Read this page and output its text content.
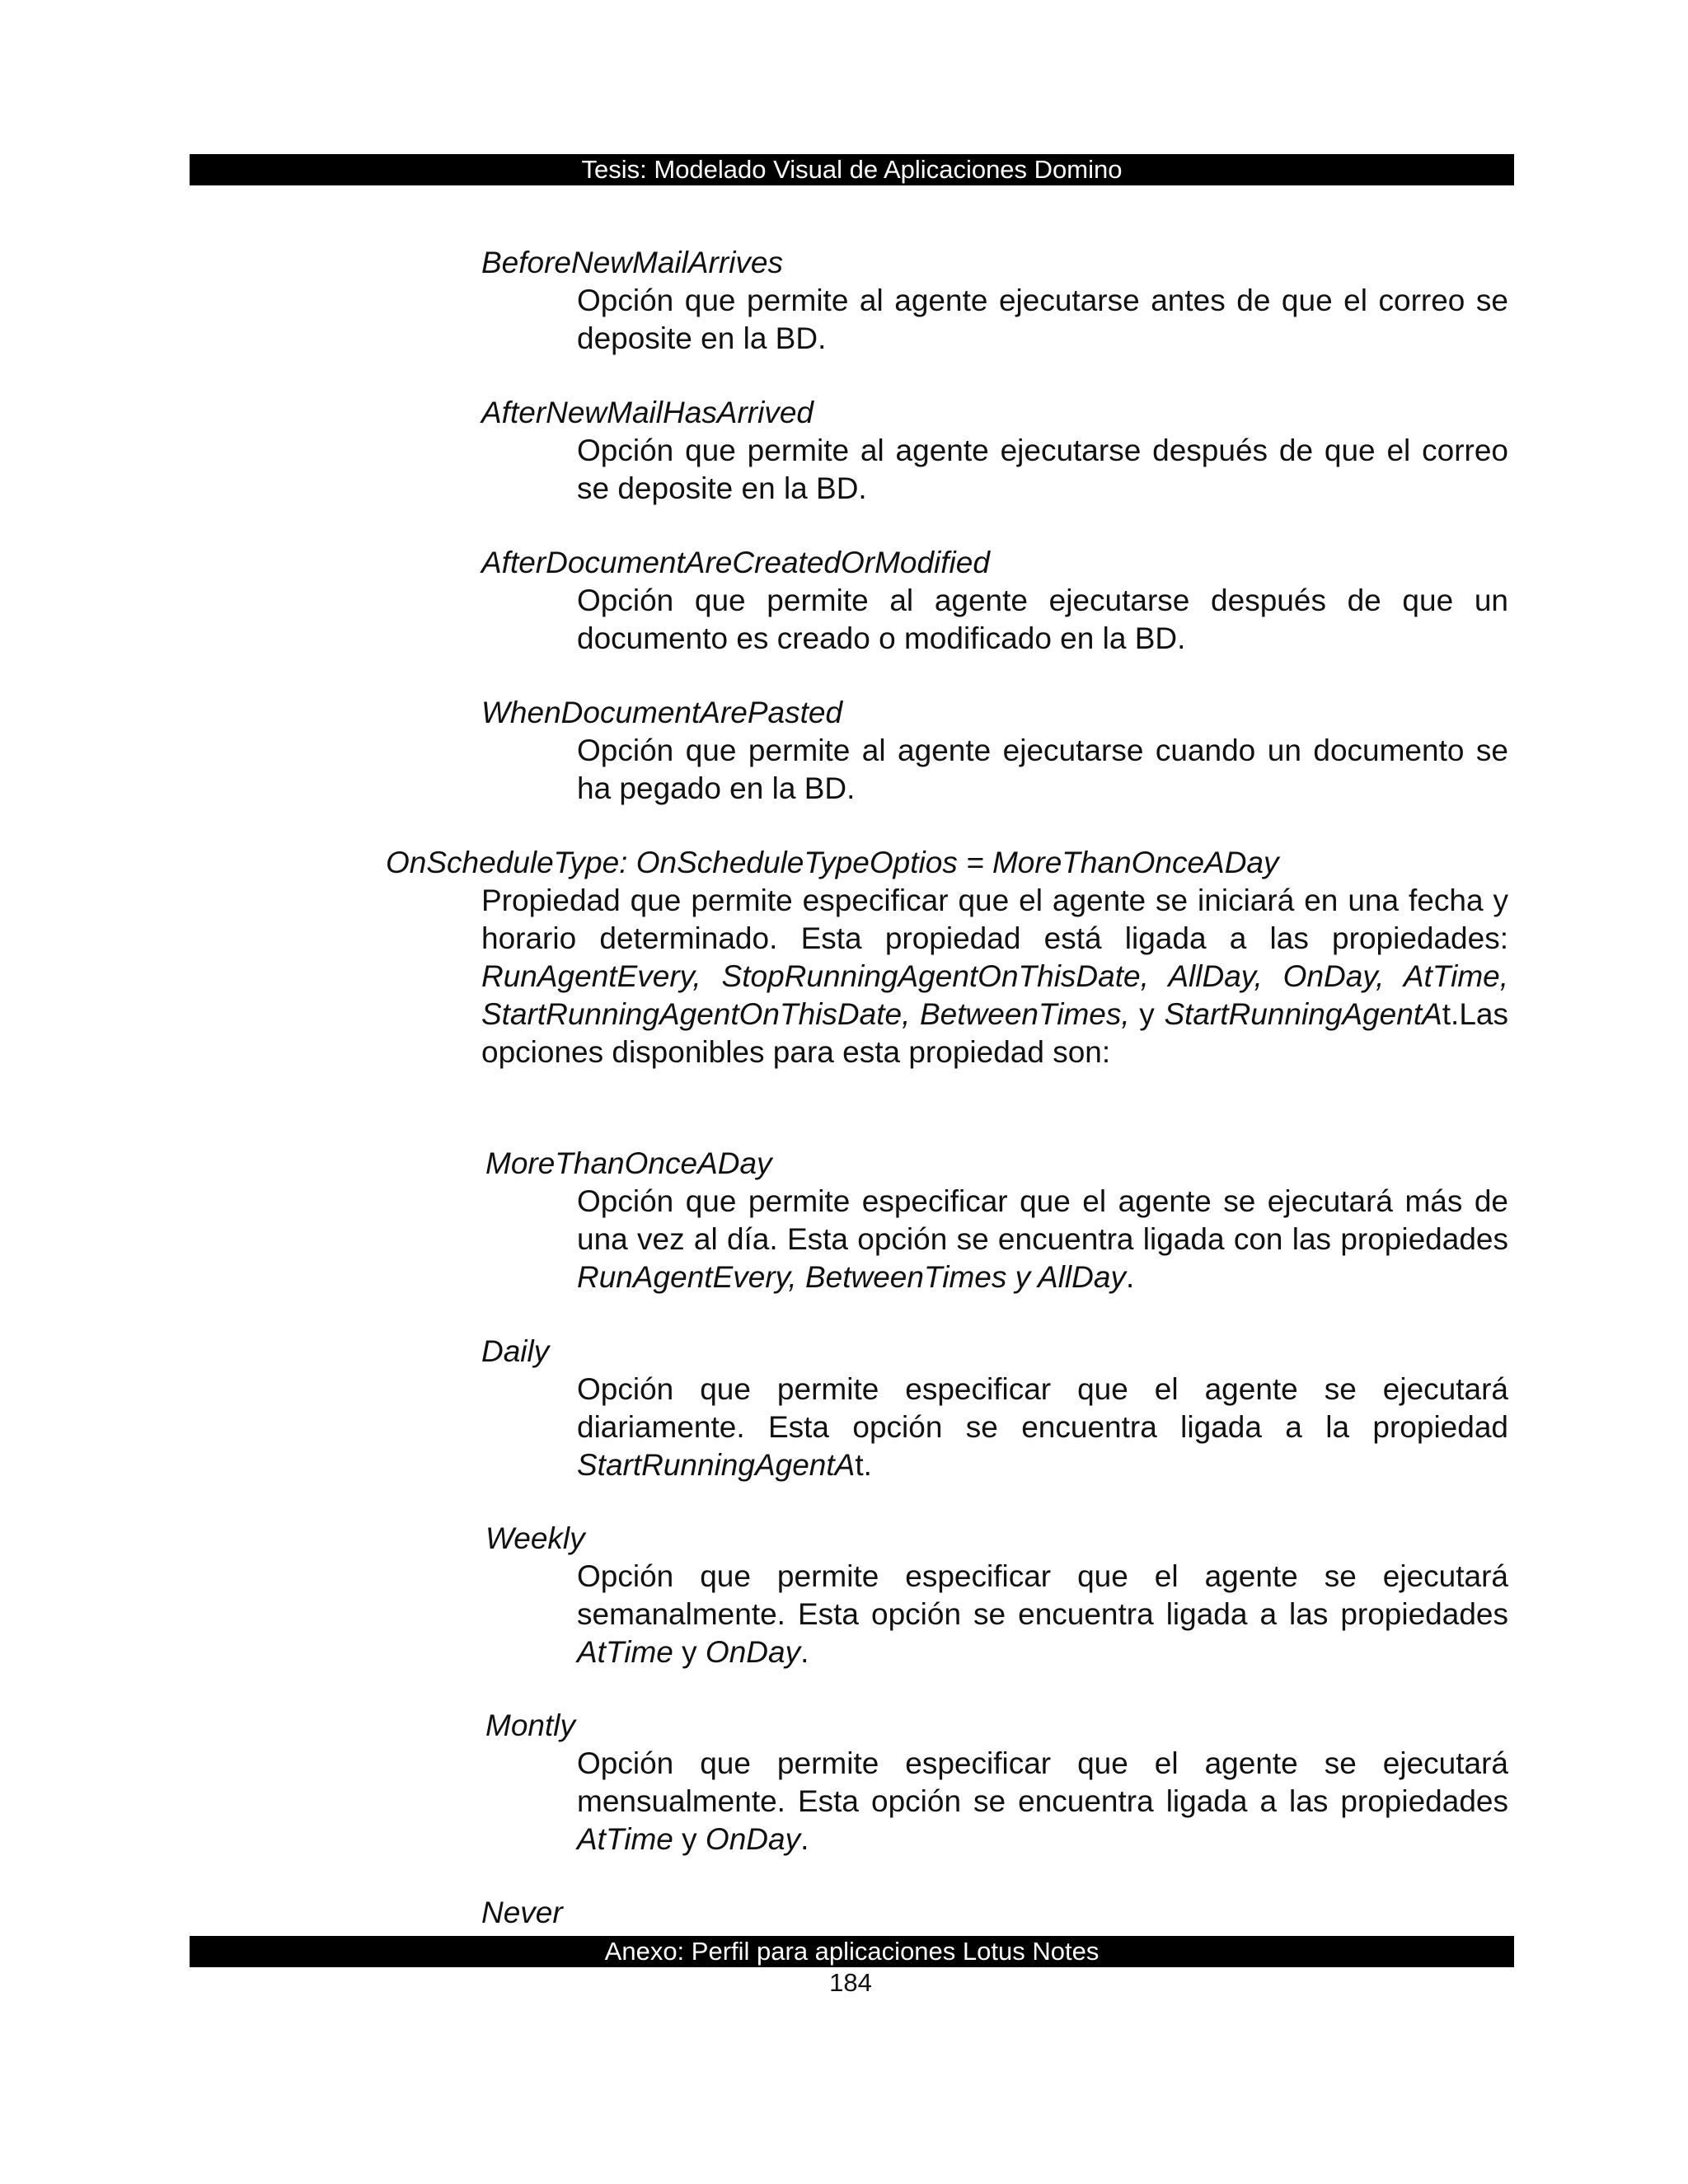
Tesis: Modelado Visual de Aplicaciones Domino
BeforeNewMailArrives

Opción que permite al agente ejecutarse antes de que el correo se deposite en la BD.

AfterNewMailHasArrived

Opción que permite al agente ejecutarse después de que el correo se deposite en la BD.

AfterDocumentAreCreatedOrModified

Opción que permite al agente ejecutarse después de que un documento es creado o modificado en la BD.

WhenDocumentArePasted

Opción que permite al agente ejecutarse cuando un documento se ha pegado en la BD.

OnScheduleType: OnScheduleTypeOptios = MoreThanOnceADay

Propiedad que permite especificar que el agente se iniciará en una fecha y horario determinado. Esta propiedad está ligada a las propiedades: RunAgentEvery, StopRunningAgentOnThisDate, AllDay, OnDay, AtTime, StartRunningAgentOnThisDate, BetweenTimes, y StartRunningAgentAt.Las opciones disponibles para esta propiedad son:

MoreThanOnceADay

Opción que permite especificar que el agente se ejecutará más de una vez al día. Esta opción se encuentra ligada con las propiedades RunAgentEvery, BetweenTimes y AllDay.

Daily

Opción que permite especificar que el agente se ejecutará diariamente. Esta opción se encuentra ligada a la propiedad StartRunningAgentAt.

Weekly

Opción que permite especificar que el agente se ejecutará semanalmente. Esta opción se encuentra ligada a las propiedades AtTime y OnDay.

Montly

Opción que permite especificar que el agente se ejecutará mensualmente. Esta opción se encuentra ligada a las propiedades AtTime y OnDay.

Never
Anexo: Perfil para aplicaciones Lotus Notes
184
